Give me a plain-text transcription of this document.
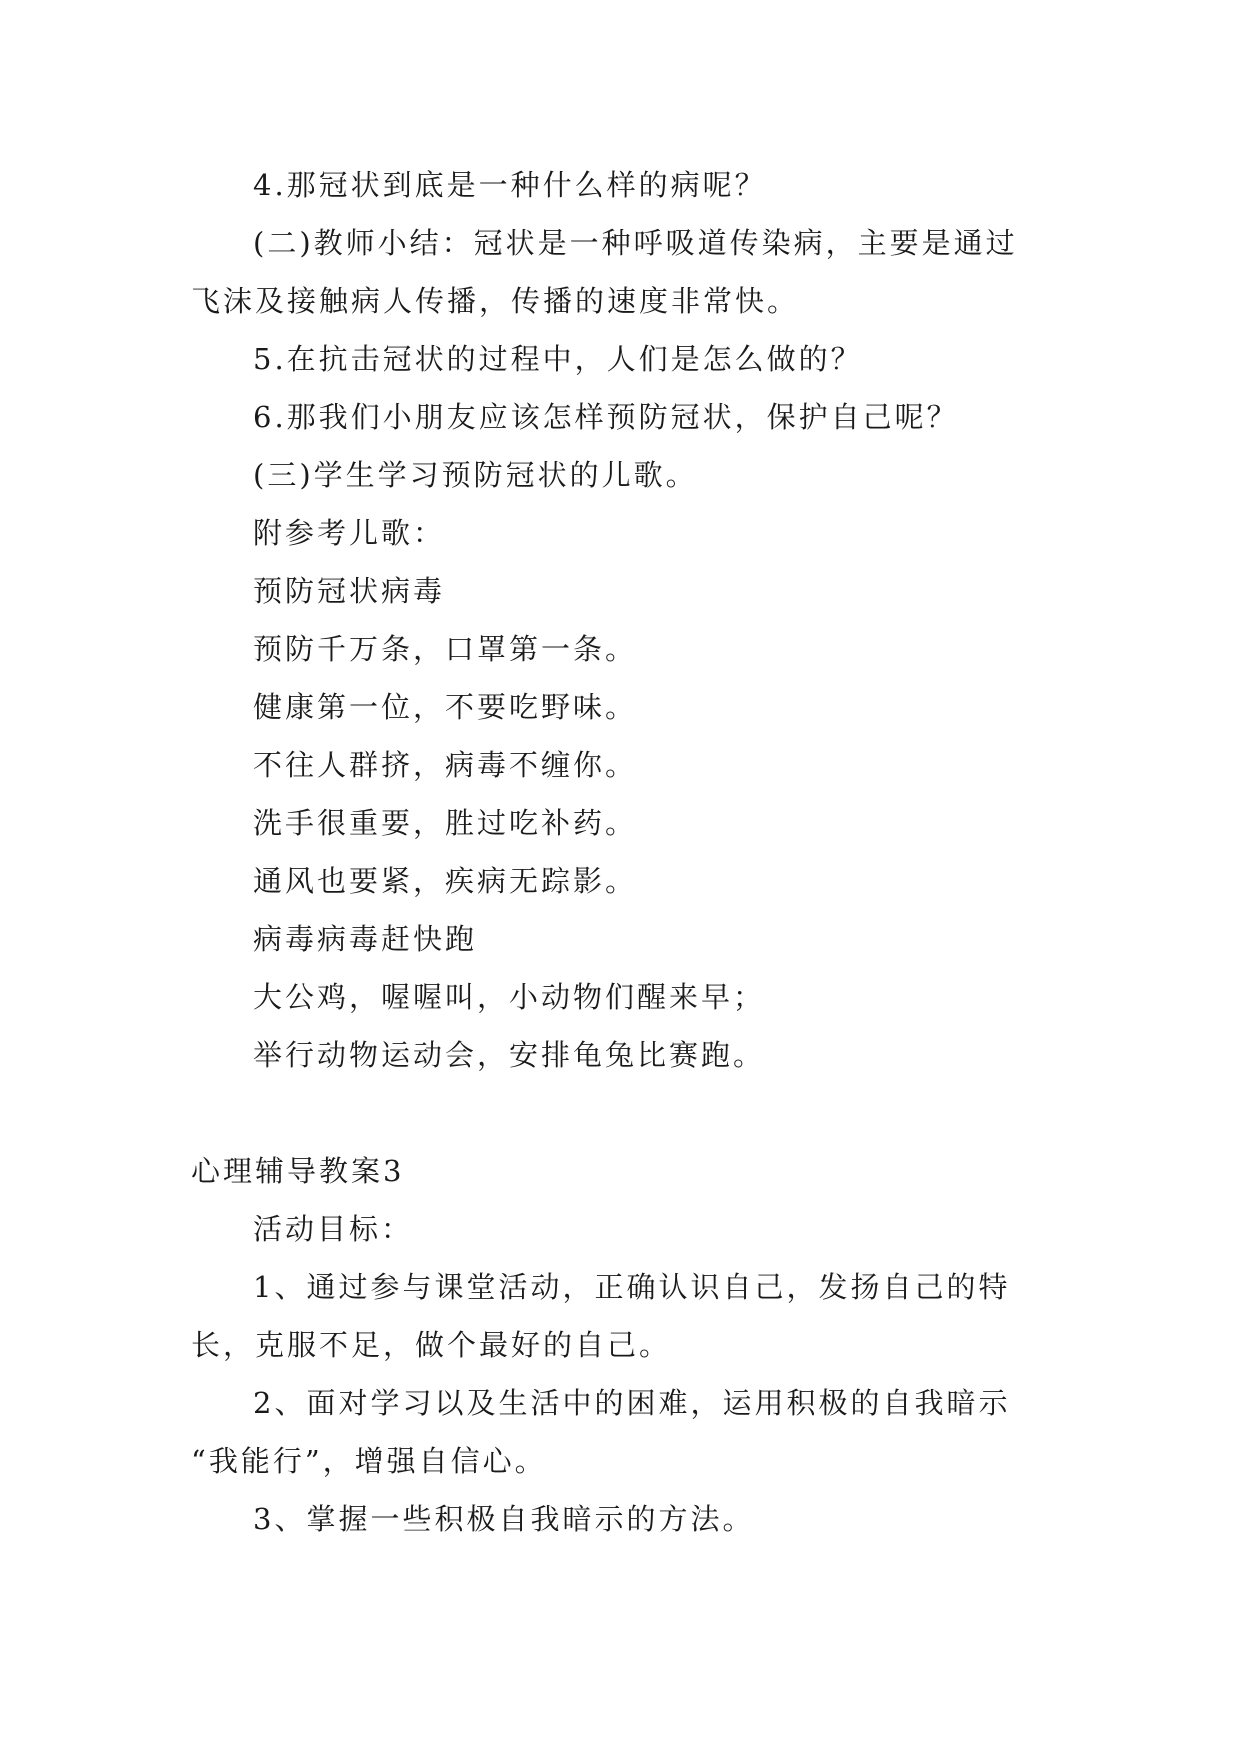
4.那冠状到底是一种什么样的病呢？
(二)教师小结：冠状是一种呼吸道传染病，主要是通过
飞沫及接触病人传播，传播的速度非常快。
5.在抗击冠状的过程中，人们是怎么做的？
6.那我们小朋友应该怎样预防冠状，保护自己呢？
(三)学生学习预防冠状的儿歌。
附参考儿歌：
预防冠状病毒
预防千万条，口罩第一条。
健康第一位，不要吃野味。
不往人群挤，病毒不缠你。
洗手很重要，胜过吃补药。
通风也要紧，疾病无踪影。
病毒病毒赶快跑
大公鸡，喔喔叫，小动物们醒来早；
举行动物运动会，安排龟兔比赛跑。
心理辅导教案3
活动目标：
1、通过参与课堂活动，正确认识自己，发扬自己的特
长，克服不足，做个最好的自己。
2、面对学习以及生活中的困难，运用积极的自我暗示
“我能行”，增强自信心。
3、掌握一些积极自我暗示的方法。
